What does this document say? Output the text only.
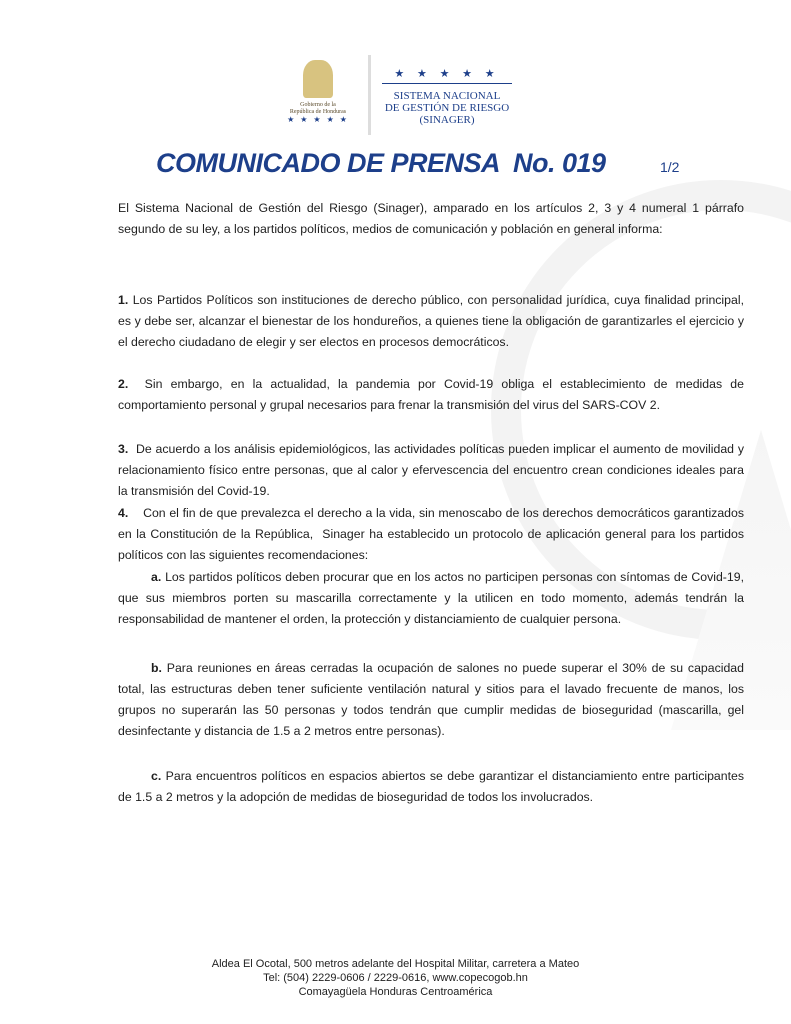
Gobierno de la
República de Honduras
★ ★ ★ ★ ★
★ ★ ★ ★ ★
SISTEMA NACIONAL
DE GESTIÓN DE RIESGO
(SINAGER)
COMUNICADO DE PRENSA  No. 019	1/2
El Sistema Nacional de Gestión del Riesgo (Sinager), amparado en los artículos 2, 3 y 4 numeral 1 párrafo segundo de su ley, a los partidos políticos, medios de comunicación y población en general informa:
1. Los Partidos Políticos son instituciones de derecho público, con personalidad jurídica, cuya finalidad principal, es y debe ser, alcanzar el bienestar de los hondureños, a quienes tiene la obligación de garantizarles el ejercicio y el derecho ciudadano de elegir y ser electos en procesos democráticos.
2.  Sin embargo, en la actualidad, la pandemia por Covid-19 obliga el establecimiento de medidas de comportamiento personal y grupal necesarios para frenar la transmisión del virus del SARS-COV 2.
3.  De acuerdo a los análisis epidemiológicos, las actividades políticas pueden implicar el aumento de movilidad y relacionamiento físico entre personas, que al calor y efervescencia del encuentro crean condiciones ideales para la transmisión del Covid-19.
4.    Con el fin de que prevalezca el derecho a la vida, sin menoscabo de los derechos democráticos garantizados en la Constitución de la República,  Sinager ha establecido un protocolo de aplicación general para los partidos políticos con las siguientes recomendaciones:
a. Los partidos políticos deben procurar que en los actos no participen personas con síntomas de Covid-19, que sus miembros porten su mascarilla correctamente y la utilicen en todo momento, además tendrán la responsabilidad de mantener el orden, la protección y distanciamiento de cualquier persona.
b. Para reuniones en áreas cerradas la ocupación de salones no puede superar el 30% de su capacidad total, las estructuras deben tener suficiente ventilación natural y sitios para el lavado frecuente de manos, los grupos no superarán las 50 personas y todos tendrán que cumplir medidas de bioseguridad (mascarilla, gel desinfectante y distancia de 1.5 a 2 metros entre personas).
c. Para encuentros políticos en espacios abiertos se debe garantizar el distanciamiento entre participantes de 1.5 a 2 metros y la adopción de medidas de bioseguridad de todos los involucrados.
Aldea El Ocotal, 500 metros adelante del Hospital Militar, carretera a Mateo
Tel: (504) 2229-0606 / 2229-0616, www.copecogob.hn
Comayagüela Honduras Centroamérica
